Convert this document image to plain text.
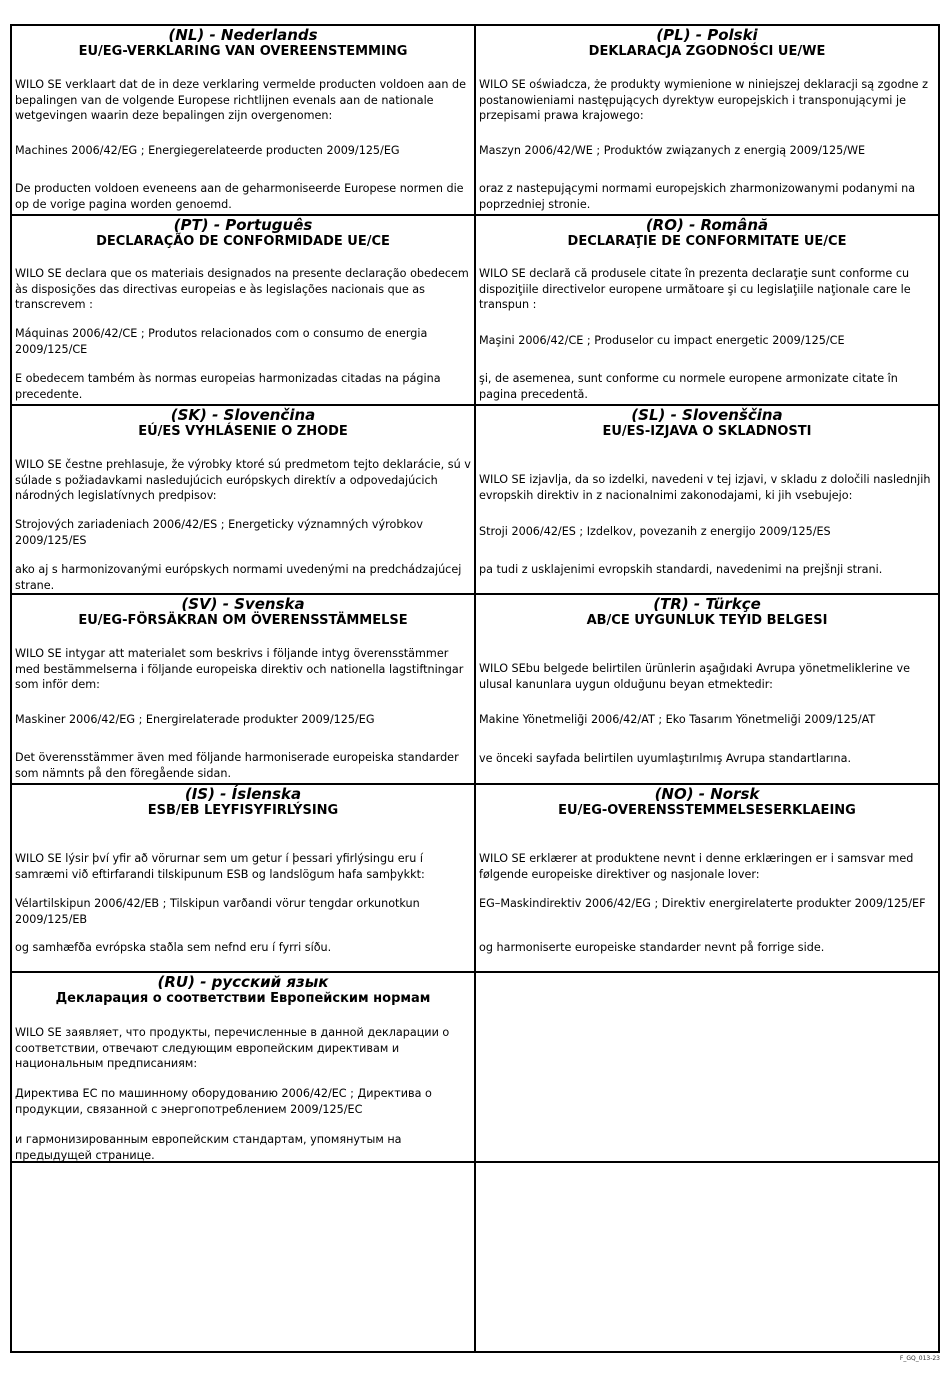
(NL) - Nederlands
EU/EG-VERKLARING VAN OVEREENSTEMMING
WILO SE verklaart dat de in deze verklaring vermelde producten voldoen aan de bepalingen van de volgende Europese richtlijnen evenals aan de nationale wetgevingen waarin deze bepalingen zijn overgenomen:
Machines 2006/42/EG ; Energiegerelateerde producten 2009/125/EG
De producten voldoen eveneens aan de geharmoniseerde Europese normen die op de vorige pagina worden genoemd.
(PL) - Polski
DEKLARACJA ZGODNOŚCI UE/WE
WILO SE oświadcza, że produkty wymienione w niniejszej deklaracji są zgodne z postanowieniami następujących dyrektyw europejskich i transponującymi je przepisami prawa krajowego:
Maszyn 2006/42/WE ; Produktów związanych z energią 2009/125/WE
oraz z nastepującymi normami europejskich zharmonizowanymi podanymi na poprzedniej stronie.
(PT) - Português
DECLARAÇÃO DE CONFORMIDADE UE/CE
WILO SE declara que os materiais designados na presente declaração obedecem às disposições das directivas europeias e às legislações nacionais que as transcrevem :
Máquinas 2006/42/CE ; Produtos relacionados com o consumo de energia 2009/125/CE
E obedecem também às normas europeias harmonizadas citadas na página precedente.
(RO) - Română
DECLARAŢIE DE CONFORMITATE UE/CE
WILO SE declară că produsele citate în prezenta declaraţie sunt conforme cu dispoziţiile directivelor europene următoare şi cu legislaţiile naţionale care le transpun :
Maşini 2006/42/CE ; Produselor cu impact energetic 2009/125/CE
şi, de asemenea, sunt conforme cu normele europene armonizate citate în pagina precedentă.
(SK) - Slovenčina
EÚ/ES VYHLÁSENIE O ZHODE
WILO SE čestne prehlasuje, že výrobky ktoré sú predmetom tejto deklarácie, sú v súlade s požiadavkami nasledujúcich európskych direktív a odpovedajúcich národných legislatívnych predpisov:
Strojových zariadeniach 2006/42/ES ; Energeticky významných výrobkov 2009/125/ES
ako aj s harmonizovanými európskych normami uvedenými na predchádzajúcej strane.
(SL) - Slovenščina
EU/ES-IZJAVA O SKLADNOSTI
WILO SE izjavlja, da so izdelki, navedeni v tej izjavi, v skladu z določili naslednjih evropskih direktiv in z nacionalnimi zakonodajami, ki jih vsebujejo:
Stroji 2006/42/ES ; Izdelkov, povezanih z energijo 2009/125/ES
pa tudi z usklajenimi evropskih standardi, navedenimi na prejšnji strani.
(SV) - Svenska
EU/EG-FÖRSÄKRAN OM ÖVERENSSTÄMMELSE
WILO SE intygar att materialet som beskrivs i följande intyg överensstämmer med bestämmelserna i följande europeiska direktiv och nationella lagstiftningar som inför dem:
Maskiner 2006/42/EG ; Energirelaterade produkter 2009/125/EG
Det överensstämmer även med följande harmoniserade europeiska standarder som nämnts på den föregående sidan.
(TR) - Türkçe
AB/CE UYGUNLUK TEYID BELGESI
WILO SEbu belgede belirtilen ürünlerin aşağıdaki Avrupa yönetmeliklerine ve ulusal kanunlara uygun olduğunu beyan etmektedir:
Makine Yönetmeliği 2006/42/AT ; Eko Tasarım Yönetmeliği 2009/125/AT
ve önceki sayfada belirtilen uyumlaştırılmış Avrupa standartlarına.
(IS) - Íslenska
ESB/EB LEYFISYFIRLÝSING
WILO SE lýsir því yfir að vörurnar sem um getur í þessari yfirlýsingu eru í samræmi við eftirfarandi tilskipunum ESB og landslögum hafa samþykkt:
Vélartilskipun 2006/42/EB ; Tilskipun varðandi vörur tengdar orkunotkun 2009/125/EB
og samhæfða evrópska staðla sem nefnd eru í fyrri síðu.
(NO) - Norsk
EU/EG-OVERENSSTEMMELSESERKLAEING
WILO SE erklærer at produktene nevnt i denne erklæringen er i samsvar med følgende europeiske direktiver og nasjonale lover:
EG–Maskindirektiv 2006/42/EG ; Direktiv energirelaterte produkter 2009/125/EF
og harmoniserte europeiske standarder nevnt på forrige side.
(RU) - русский язык
Декларация о соответствии Европейским нормам
WILO SE заявляет, что продукты, перечисленные в данной декларации о соответствии, отвечают следующим европейским директивам и национальным предписаниям:
Директива ЕС по машинному оборудованию 2006/42/EC ; Директива о продукции, связанной с энергопотреблением 2009/125/EC
и гармонизированным европейским стандартам, упомянутым на предыдущей странице.
F_GQ_013-23
